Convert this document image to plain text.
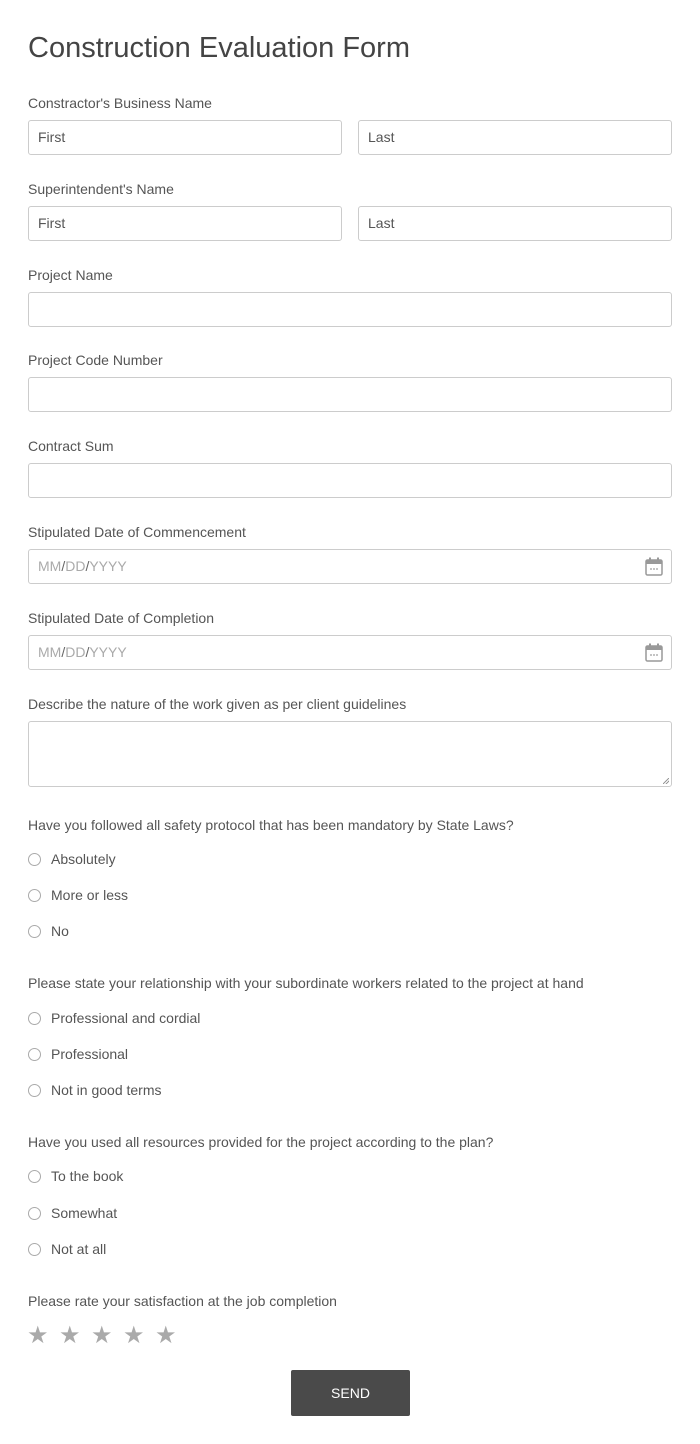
Construction Evaluation Form
Constractor's Business Name
First	Last
Superintendent's Name
First	Last
Project Name
Project Code Number
Contract Sum
Stipulated Date of Commencement
MM/DD/YYYY
Stipulated Date of Completion
MM/DD/YYYY
Describe the nature of the work given as per client guidelines
Have you followed all safety protocol that has been mandatory by State Laws?
Absolutely
More or less
No
Please state your relationship with your subordinate workers related to the project at hand
Professional and cordial
Professional
Not in good terms
Have you used all resources provided for the project according to the plan?
To the book
Somewhat
Not at all
Please rate your satisfaction at the job completion
★ ★ ★ ★ ★
SEND
